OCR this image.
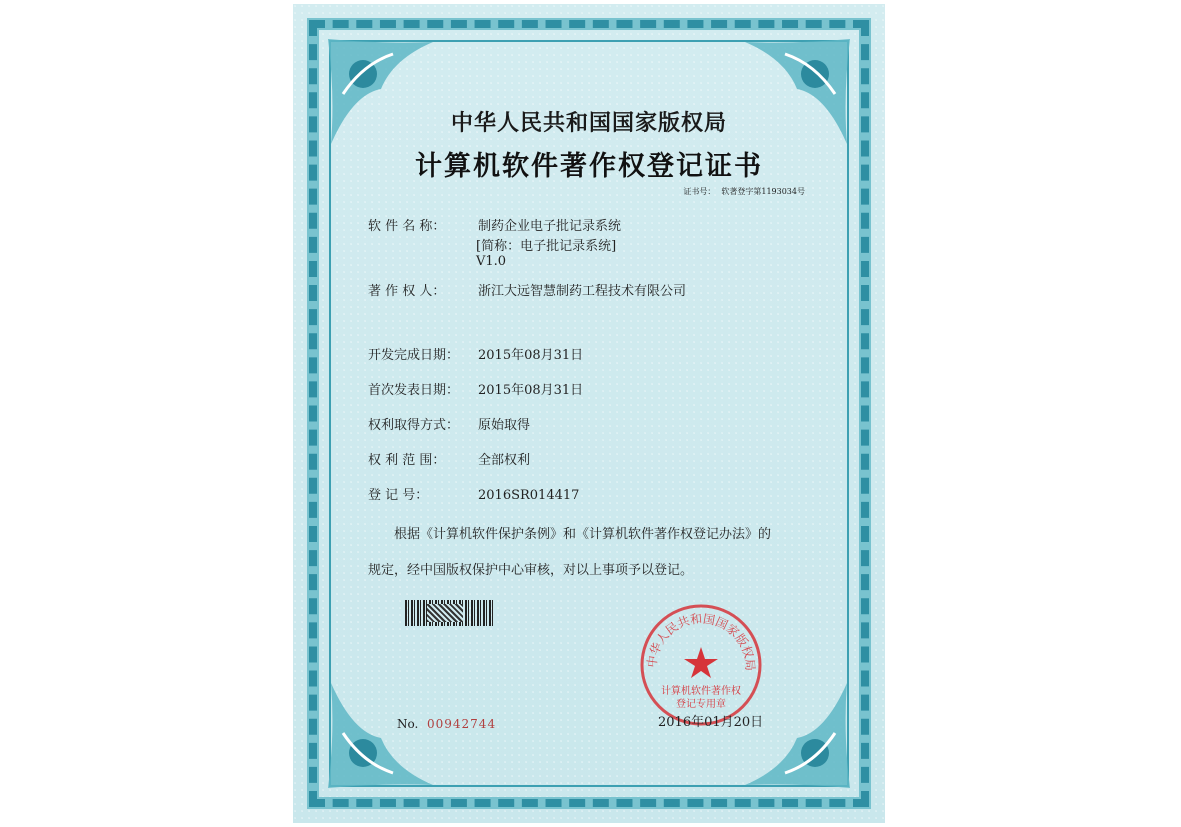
中华人民共和国国家版权局
计算机软件著作权登记证书
证书号： 软著登字第1193034号
软 件 名 称：	制药企业电子批记录系统
[简称：电子批记录系统]
V1.0
著 作 权 人：	浙江大远智慧制药工程技术有限公司
开发完成日期： 2015年08月31日
首次发表日期： 2015年08月31日
权利取得方式： 原始取得
权 利 范 围：	全部权利
登 记 号：	2016SR014417
根据《计算机软件保护条例》和《计算机软件著作权登记办法》的
规定，经中国版权保护中心审核，对以上事项予以登记。
中华人民共和国国家版权局
计算机软件著作权
登记专用章
No. 00942744	2016年01月20日
